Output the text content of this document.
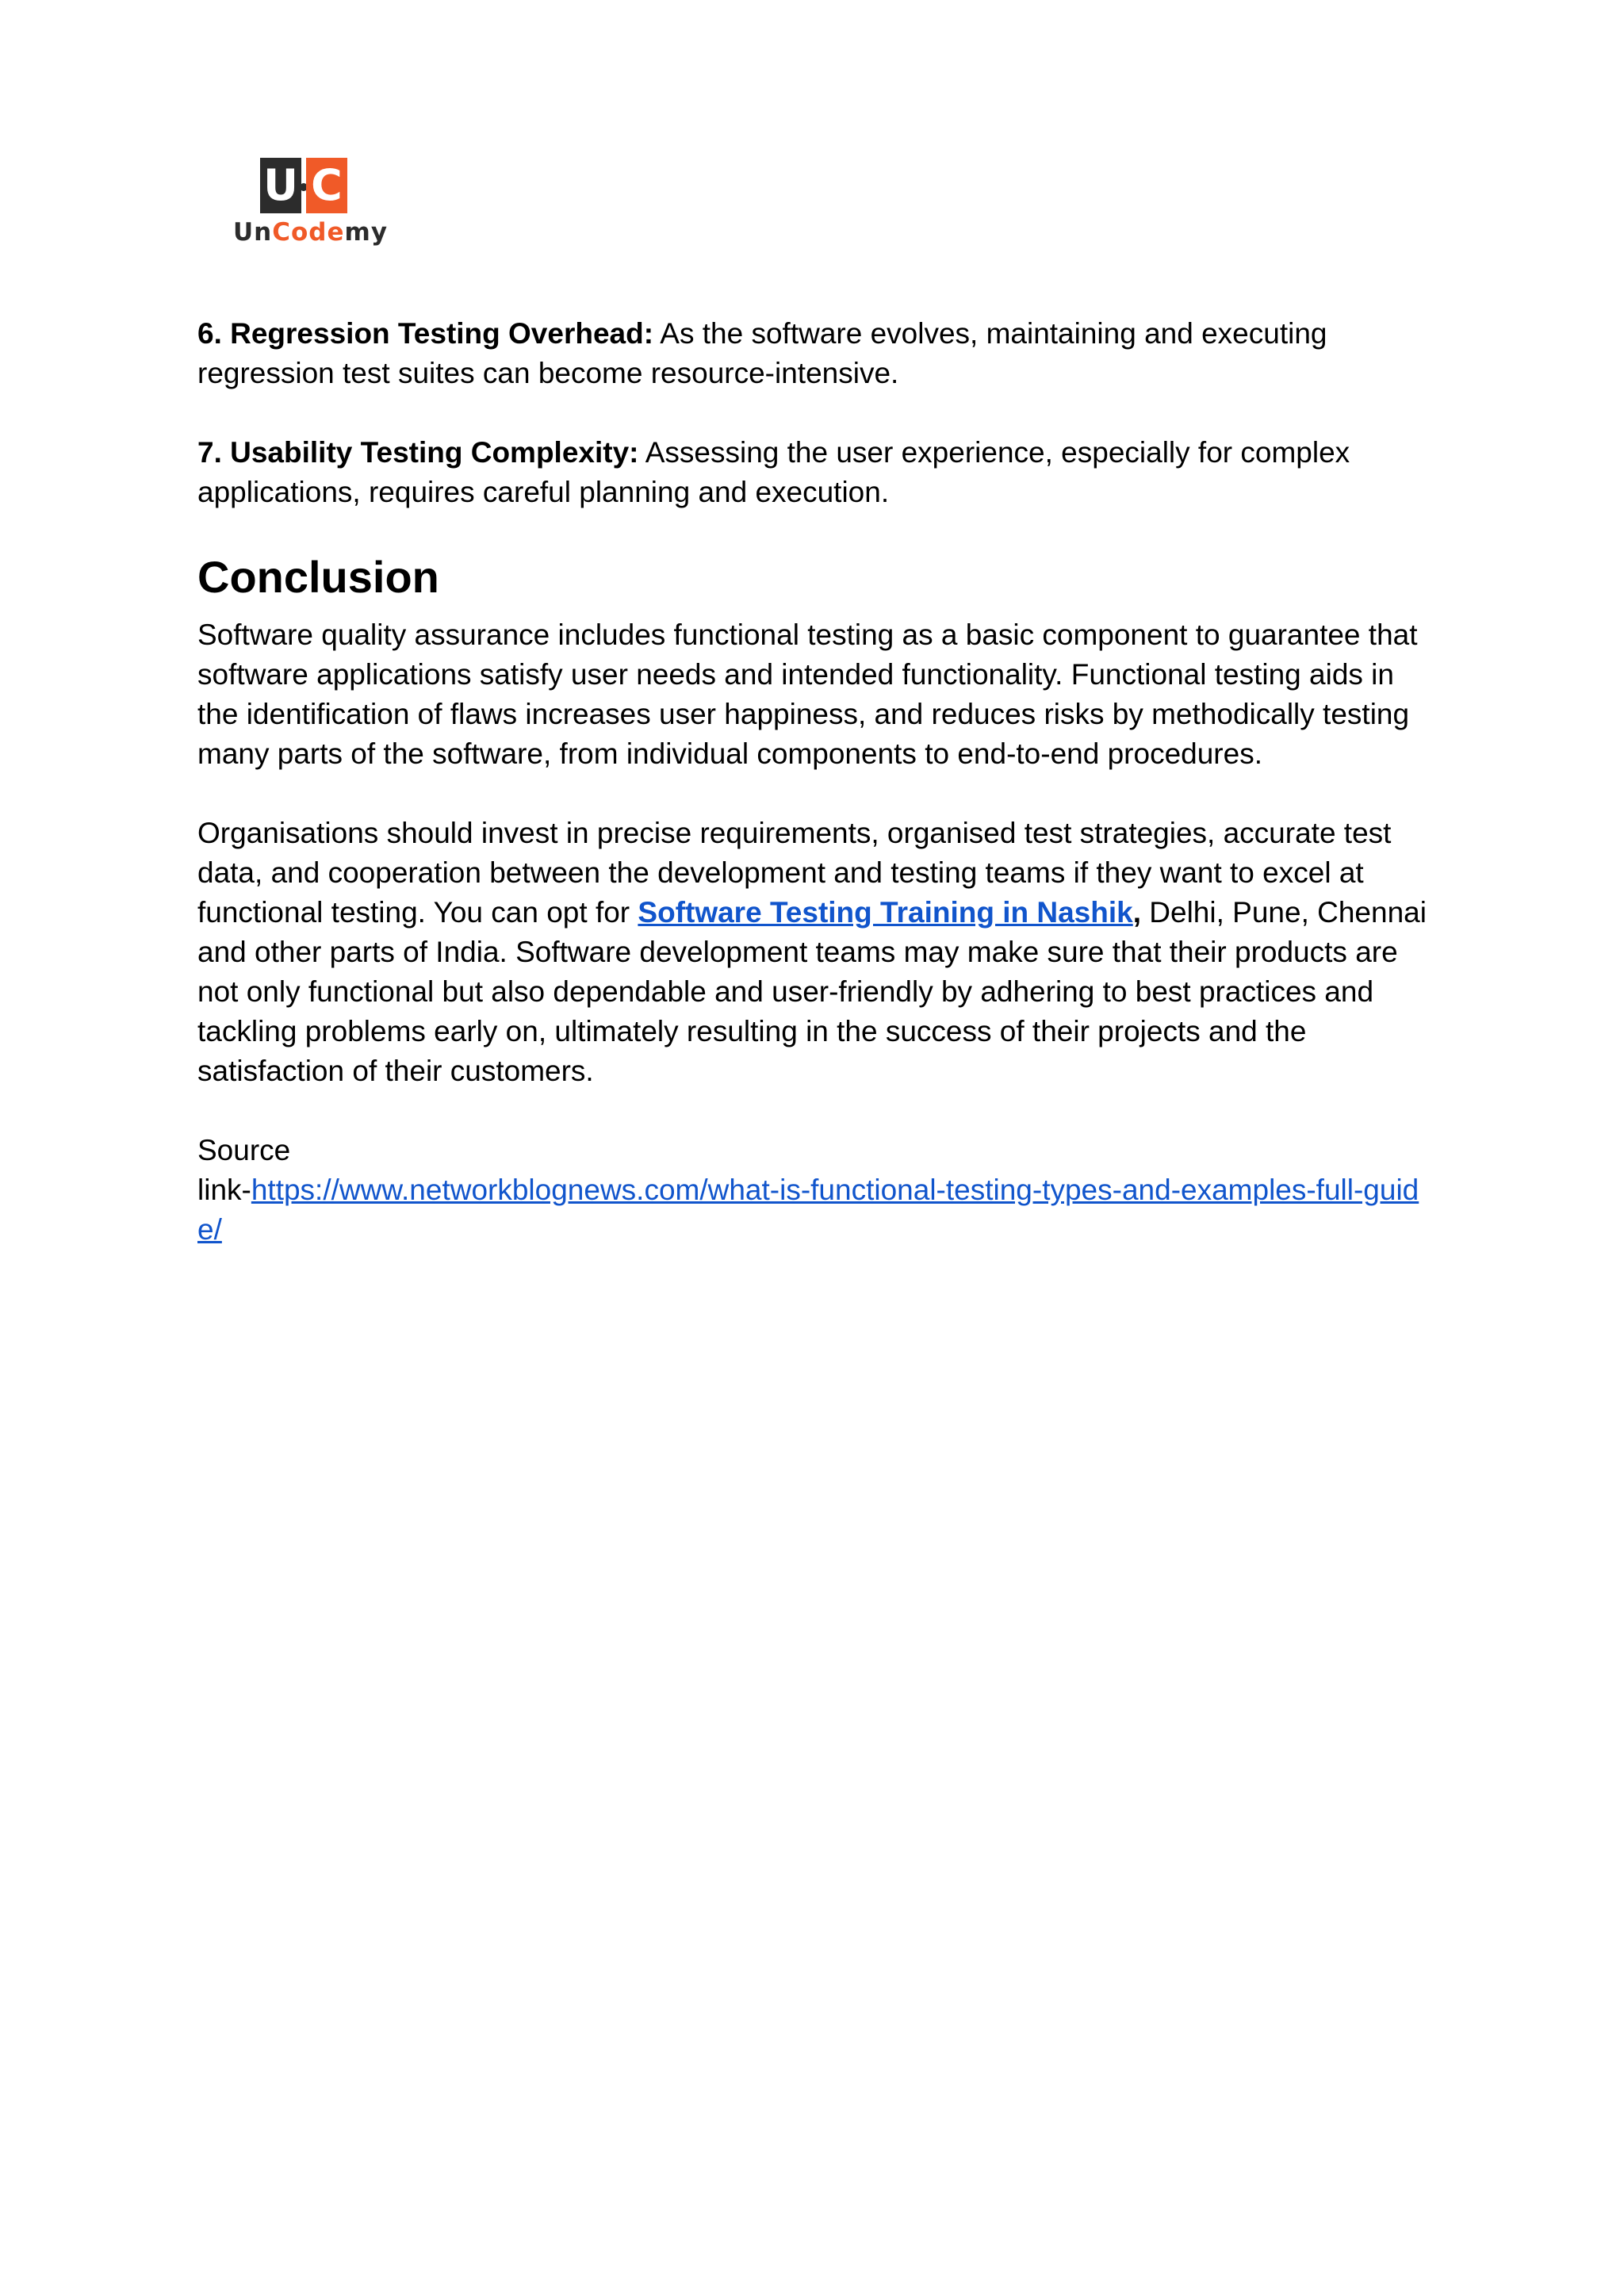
U C
UnCodemy

6. Regression Testing Overhead: As the software evolves, maintaining and executing regression test suites can become resource-intensive.

7. Usability Testing Complexity: Assessing the user experience, especially for complex applications, requires careful planning and execution.

Conclusion

Software quality assurance includes functional testing as a basic component to guarantee that software applications satisfy user needs and intended functionality. Functional testing aids in the identification of flaws increases user happiness, and reduces risks by methodically testing many parts of the software, from individual components to end-to-end procedures.

Organisations should invest in precise requirements, organised test strategies, accurate test data, and cooperation between the development and testing teams if they want to excel at functional testing. You can opt for Software Testing Training in Nashik, Delhi, Pune, Chennai and other parts of India. Software development teams may make sure that their products are not only functional but also dependable and user-friendly by adhering to best practices and tackling problems early on, ultimately resulting in the success of their projects and the satisfaction of their customers.

Source
link-https://www.networkblognews.com/what-is-functional-testing-types-and-examples-full-guide/
